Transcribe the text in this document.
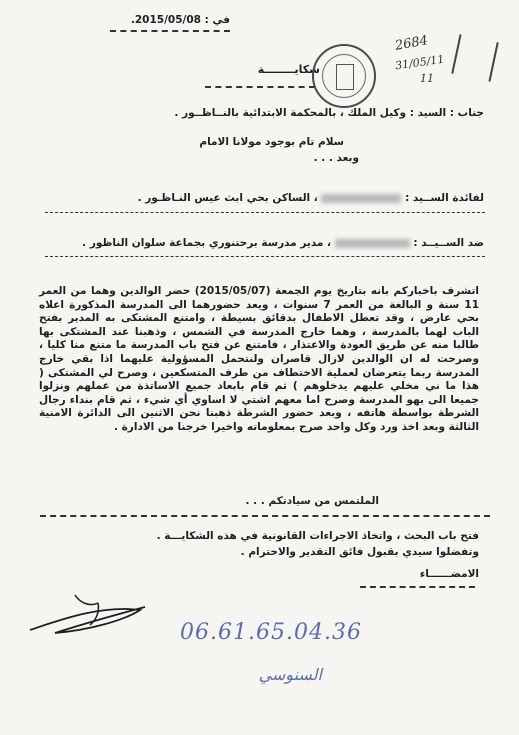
في : 2015/05/08.
شكايــــــــة
2684
31/05/11
11
جناب : السيد : وكيل الملك ، بالمحكمة الابتدائية بالنــاظــور .
سلام تام بوجود مولانا الامام
وبعد . . .
لفائدة الســيد :  ، الساكن بحي ابث عيس النـاظـور .
ضد الســيــد :  ، مدير مدرسة برحتنوري بجماعة سلوان الناظور .

اتشرف باخباركم بانه بتاريخ يوم الجمعة (2015/05/07) حضر الوالدين وهما من العمر 11 سنة و البالغة من العمر 7 سنوات ، ويعد حضورهما الى المدرسة المذكورة اعلاه بحي عارض ، وقد تعطل الاطفال بدقائق بسيطة ، وامتنع المشتكى به المدير بفتح الباب لهما بالمدرسة ، وهما خارج المدرسة في الشمس ، وذهبنا عند المشتكى بها طالبا منه عن طريق العودة والاعتذار ، فامتنع عن فتح باب المدرسة ما متنع منا كليا ، وصرحت له ان الوالدين لازال قاصران ولنتحمل المسؤولية عليهما اذا بقي خارج المدرسة ربما يتعرضان لعملية الاختطاف من طرف المتسكعين ، وصرح لي المشتكى ( هذا ما ني مخلي عليهم يدخلوهم ) ثم قام بابعاد جميع الاساتذة من عملهم ونزلوا جميعا الى بهو المدرسة وصرح اما معهم اشتي لا اساوي أي شيء ، ثم قام بنداء رجال الشرطة بواسطة هاتفه ، وبعد حضور الشرطة ذهبنا نحن الاثنين الى الدائرة الامنية الثالثة وبعد اخذ ورد وكل واحد صرح بمعلوماته واخيرا خرجنا من الادارة .

الملتمس من سيادتكم . . .
فتح باب البحث ، واتخاذ الاجراءات القانونية في هذه الشكايـــة .
وتفضلوا سيدي بقبول فائق التقدير والاحترام .
الامضــــــاء
06.61.65.04.36
السنوسي
